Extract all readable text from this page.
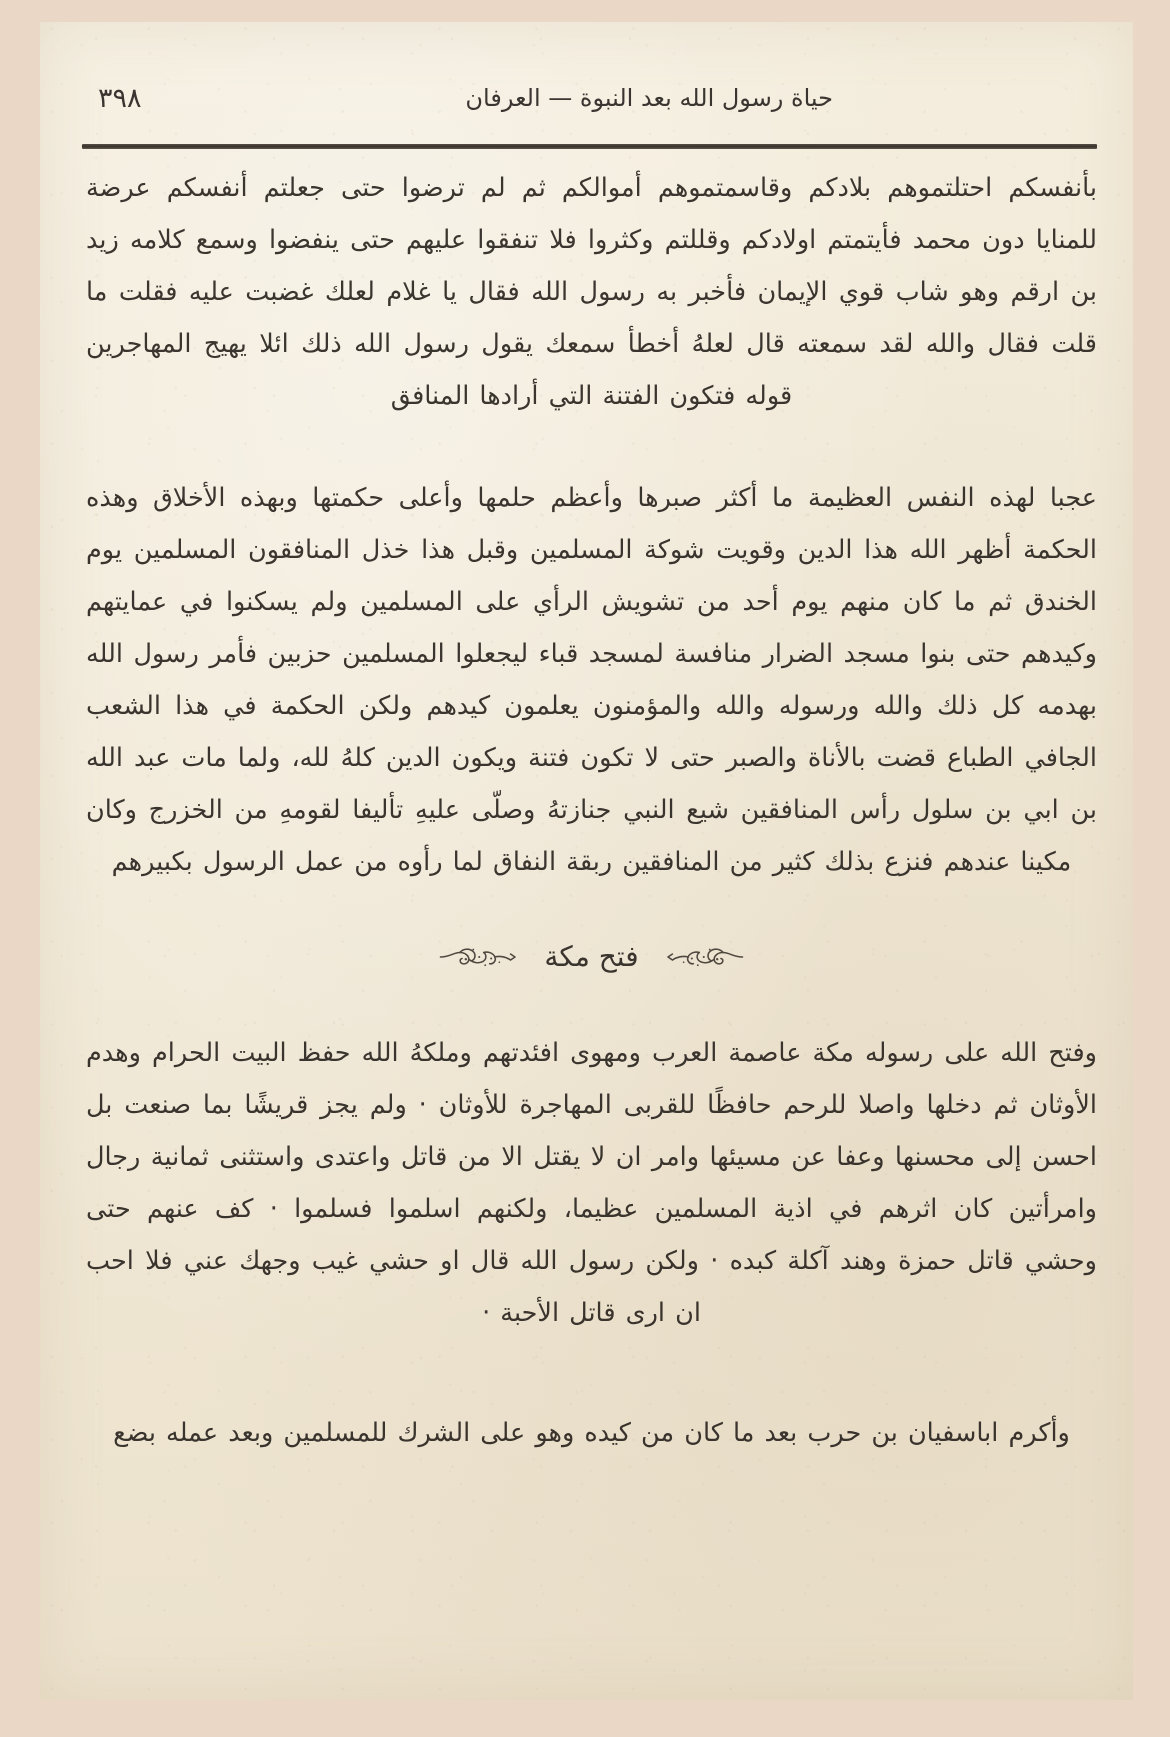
حياة رسول الله بعد النبوة — العرفان
٣٩٨

بأنفسكم احتلتموهم بلادكم وقاسمتموهم أموالكم ثم لم ترضوا حتى جعلتم أنفسكم عرضة للمنايا دون محمد فأيتمتم اولادكم وقللتم وكثروا فلا تنفقوا عليهم حتى ينفضوا وسمع كلامه زيد بن ارقم وهو شاب قوي الإيمان فأخبر به رسول الله فقال يا غلام لعلك غضبت عليه فقلت ما قلت فقال والله لقد سمعته قال لعلهُ أخطأ سمعك يقول رسول الله ذلك ائلا يهيج المهاجرين قوله فتكون الفتنة التي أرادها المنافق

عجبا لهذه النفس العظيمة ما أكثر صبرها وأعظم حلمها وأعلى حكمتها وبهذه الأخلاق وهذه الحكمة أظهر الله هذا الدين وقويت شوكة المسلمين وقبل هذا خذل المنافقون المسلمين يوم الخندق ثم ما كان منهم يوم أحد من تشويش الرأي على المسلمين ولم يسكنوا في عمايتهم وكيدهم حتى بنوا مسجد الضرار منافسة لمسجد قباء ليجعلوا المسلمين حزبين فأمر رسول الله بهدمه كل ذلك والله ورسوله والله والمؤمنون يعلمون كيدهم ولكن الحكمة في هذا الشعب الجافي الطباع قضت بالأناة والصبر حتى لا تكون فتنة ويكون الدين كلهُ لله، ولما مات عبد الله بن ابي بن سلول رأس المنافقين شيع النبي جنازتهُ وصلّى عليهِ تأليفا لقومهِ من الخزرج وكان مكينا عندهم فنزع بذلك كثير من المنافقين ربقة النفاق لما رأوه من عمل الرسول بكبيرهم

فتح مكة

وفتح الله على رسوله مكة عاصمة العرب ومهوى افئدتهم وملكهُ الله حفظ البيت الحرام وهدم الأوثان ثم دخلها واصلا للرحم حافظًا للقربى المهاجرة للأوثان · ولم يجز قريشًا بما صنعت بل احسن إلى محسنها وعفا عن مسيئها وامر ان لا يقتل الا من قاتل واعتدى واستثنى ثمانية رجال وامرأتين كان اثرهم في اذية المسلمين عظيما، ولكنهم اسلموا فسلموا · كف عنهم حتى وحشي قاتل حمزة وهند آكلة كبده · ولكن رسول الله قال او حشي غيب وجهك عني فلا احب ان ارى قاتل الأحبة ·

وأكرم اباسفيان بن حرب بعد ما كان من كيده وهو على الشرك للمسلمين وبعد عمله بضع
